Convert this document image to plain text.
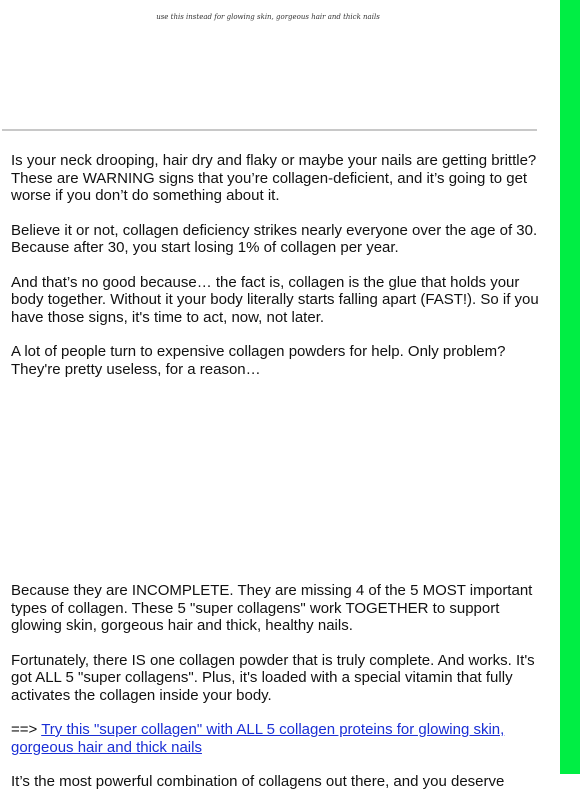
use this instead for glowing skin, gorgeous hair and thick nails

Is your neck drooping, hair dry and flaky or maybe your nails are getting brittle? These are WARNING signs that you’re collagen-deficient, and it’s going to get worse if you don’t do something about it.

Believe it or not, collagen deficiency strikes nearly everyone over the age of 30. Because after 30, you start losing 1% of collagen per year.

And that’s no good because… the fact is, collagen is the glue that holds your body together. Without it your body literally starts falling apart (FAST!). So if you have those signs, it's time to act, now, not later.

A lot of people turn to expensive collagen powders for help. Only problem? They're pretty useless, for a reason…

Because they are INCOMPLETE. They are missing 4 of the 5 MOST important types of collagen. These 5 "super collagens" work TOGETHER to support glowing skin, gorgeous hair and thick, healthy nails.

Fortunately, there IS one collagen powder that is truly complete. And works. It's got ALL 5 "super collagens". Plus, it's loaded with a special vitamin that fully activates the collagen inside your body.

==> Try this "super collagen" with ALL 5 collagen proteins for glowing skin, gorgeous hair and thick nails

It’s the most powerful combination of collagens out there, and you deserve
